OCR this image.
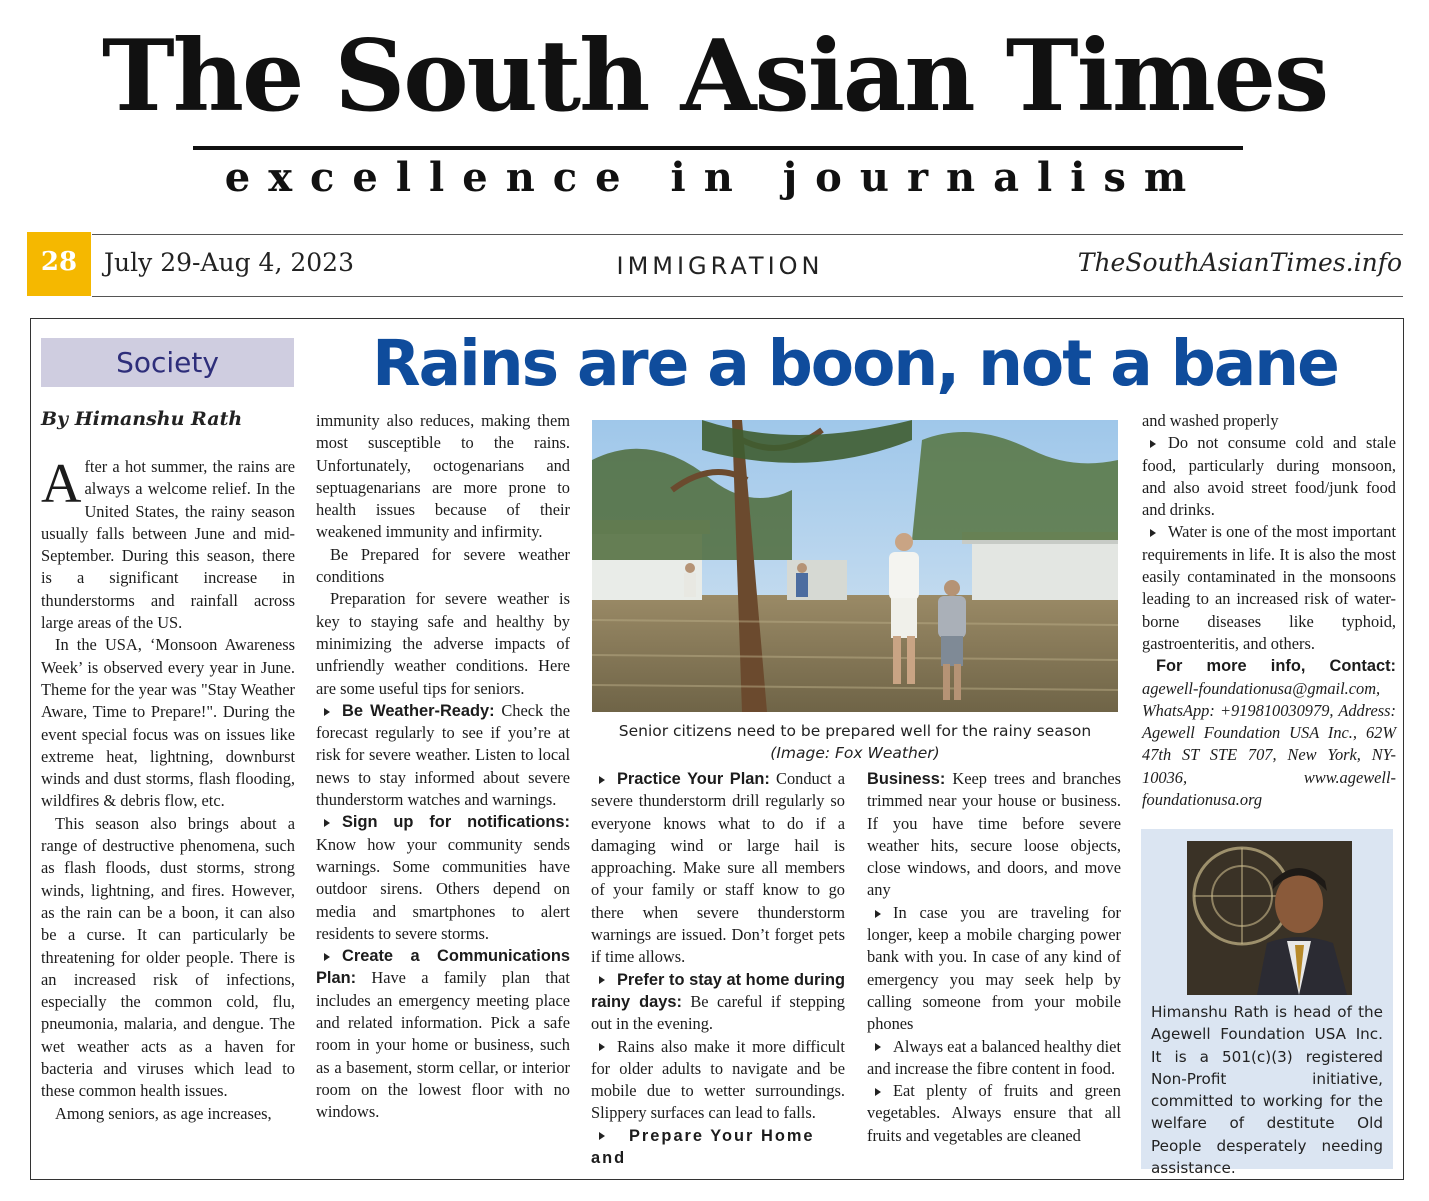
The South Asian Times
excellence in journalism
28	July 29-Aug 4, 2023	IMMIGRATION	TheSouthAsianTimes.info
Society	Rains are a boon, not a bane
By Himanshu Rath

After a hot summer, the rains are always a welcome relief. In the United States, the rainy season usually falls between June and mid-September. During this season, there is a significant increase in thunderstorms and rainfall across large areas of the US.

In the USA, ‘Monsoon Awareness Week’ is observed every year in June. Theme for the year was "Stay Weather Aware, Time to Prepare!". During the event special focus was on issues like extreme heat, lightning, downburst winds and dust storms, flash flooding, wildfires & debris flow, etc.

This season also brings about a range of destructive phenomena, such as flash floods, dust storms, strong winds, lightning, and fires. However, as the rain can be a boon, it can also be a curse. It can particularly be threatening for older people. There is an increased risk of infections, especially the common cold, flu, pneumonia, malaria, and dengue. The wet weather acts as a haven for bacteria and viruses which lead to these common health issues.

Among seniors, as age increases,

immunity also reduces, making them most susceptible to the rains. Unfortunately, octogenarians and septuagenarians are more prone to health issues because of their weakened immunity and infirmity.

Be Prepared for severe weather conditions

Preparation for severe weather is key to staying safe and healthy by minimizing the adverse impacts of unfriendly weather conditions. Here are some useful tips for seniors.

Be Weather-Ready: Check the forecast regularly to see if you’re at risk for severe weather. Listen to local news to stay informed about severe thunderstorm watches and warnings.

Sign up for notifications: Know how your community sends warnings. Some communities have outdoor sirens. Others depend on media and smartphones to alert residents to severe storms.

Create a Communications Plan: Have a family plan that includes an emergency meeting place and related information. Pick a safe room in your home or business, such as a basement, storm cellar, or interior room on the lowest floor with no windows.

Senior citizens need to be prepared well for the rainy season
(Image: Fox Weather)

Practice Your Plan: Conduct a severe thunderstorm drill regularly so everyone knows what to do if a damaging wind or large hail is approaching. Make sure all members of your family or staff know to go there when severe thunderstorm warnings are issued. Don’t forget pets if time allows.

Prefer to stay at home during rainy days: Be careful if stepping out in the evening.

Rains also make it more difficult for older adults to navigate and be mobile due to wetter surroundings. Slippery surfaces can lead to falls.

Prepare Your Home and

Business: Keep trees and branches trimmed near your house or business. If you have time before severe weather hits, secure loose objects, close windows, and doors, and move any

In case you are traveling for longer, keep a mobile charging power bank with you. In case of any kind of emergency you may seek help by calling someone from your mobile phones

Always eat a balanced healthy diet and increase the fibre content in food.

Eat plenty of fruits and green vegetables. Always ensure that all fruits and vegetables are cleaned

and washed properly

Do not consume cold and stale food, particularly during monsoon, and also avoid street food/junk food and drinks.

Water is one of the most important requirements in life. It is also the most easily contaminated in the monsoons leading to an increased risk of water-borne diseases like typhoid, gastroenteritis, and others.

For more info, Contact: agewell-foundationusa@gmail.com, WhatsApp: +919810030979, Address: Agewell Foundation USA Inc., 62W 47th ST STE 707, New York, NY-10036, www.agewell-foundationusa.org

Himanshu Rath is head of the Agewell Foundation USA Inc. It is a 501(c)(3) registered Non-Profit initiative, committed to working for the welfare of destitute Old People desperately needing assistance.
